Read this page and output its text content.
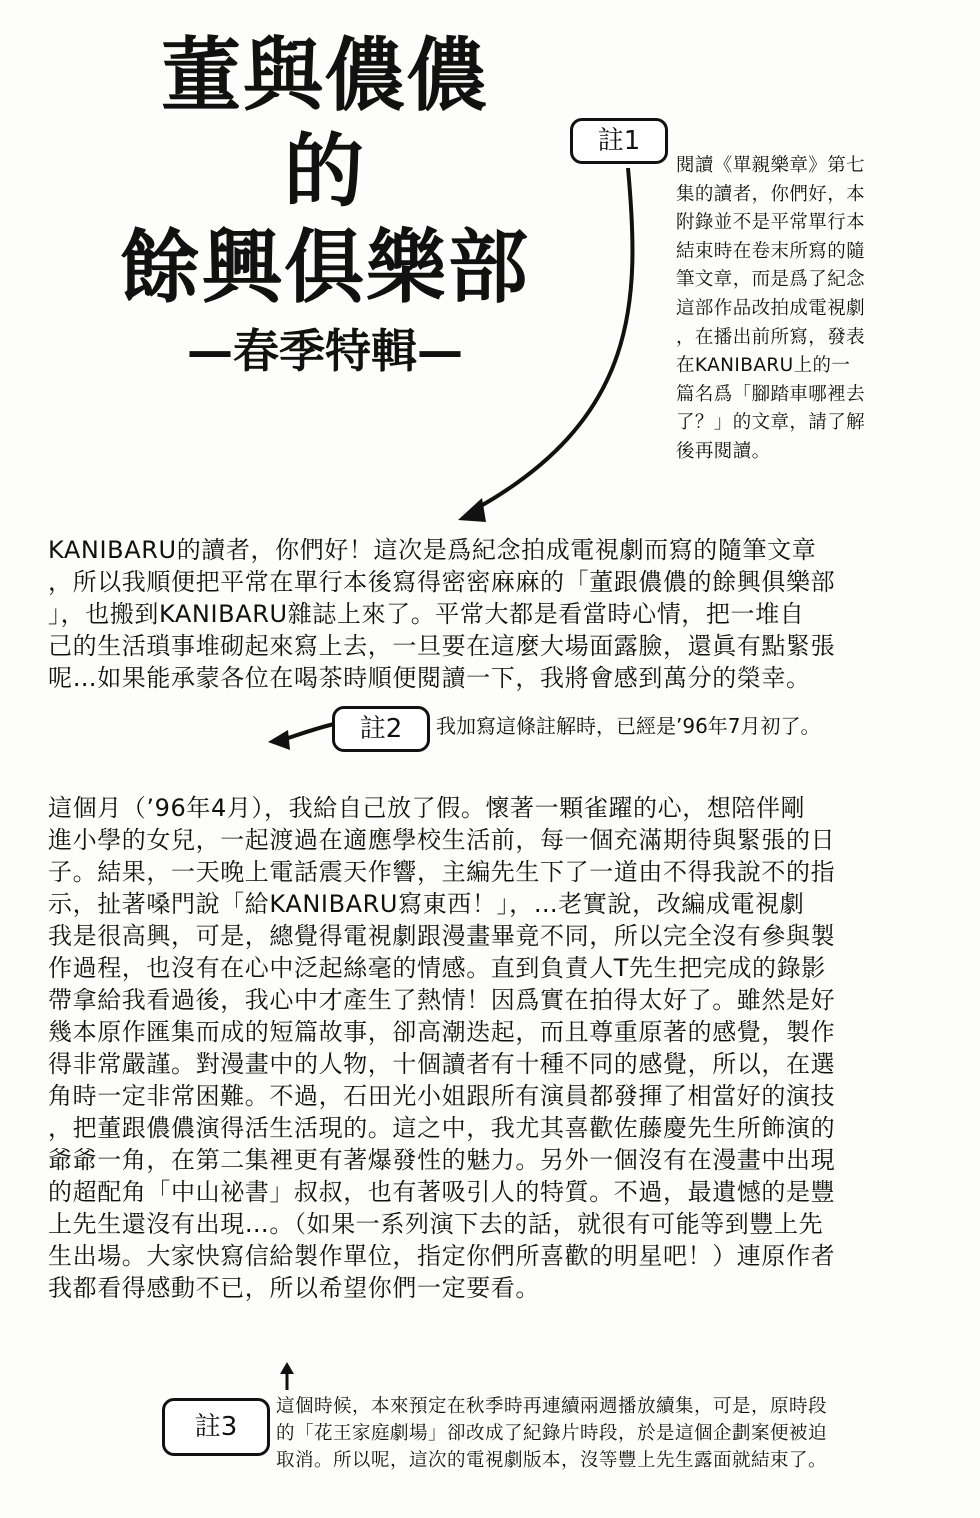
董與儂儂
的
餘興俱樂部
—春季特輯—
註1
閱讀《單親樂章》第七
集的讀者，你們好，本
附錄並不是平常單行本
結束時在卷末所寫的隨
筆文章，而是爲了紀念
這部作品改拍成電視劇
，在播出前所寫，發表
在KANIBARU上的一
篇名爲「腳踏車哪裡去
了？」的文章，請了解
後再閱讀。
KANIBARU的讀者，你們好！這次是爲紀念拍成電視劇而寫的隨筆文章
，所以我順便把平常在單行本後寫得密密麻麻的「董跟儂儂的餘興俱樂部
」，也搬到KANIBARU雜誌上來了。平常大都是看當時心情，把一堆自
己的生活瑣事堆砌起來寫上去，一旦要在這麼大場面露臉，還眞有點緊張
呢…如果能承蒙各位在喝茶時順便閱讀一下，我將會感到萬分的榮幸。
註2	我加寫這條註解時，已經是’96年7月初了。
這個月（’96年4月），我給自己放了假。懷著一顆雀躍的心，想陪伴剛
進小學的女兒，一起渡過在適應學校生活前，每一個充滿期待與緊張的日
子。結果，一天晚上電話震天作響，主編先生下了一道由不得我說不的指
示，扯著嗓門說「給KANIBARU寫東西！」，…老實說，改編成電視劇
我是很高興，可是，總覺得電視劇跟漫畫畢竟不同，所以完全沒有參與製
作過程，也沒有在心中泛起絲毫的情感。直到負責人T先生把完成的錄影
帶拿給我看過後，我心中才產生了熱情！因爲實在拍得太好了。雖然是好
幾本原作匯集而成的短篇故事，卻高潮迭起，而且尊重原著的感覺，製作
得非常嚴謹。對漫畫中的人物，十個讀者有十種不同的感覺，所以，在選
角時一定非常困難。不過，石田光小姐跟所有演員都發揮了相當好的演技
，把董跟儂儂演得活生活現的。這之中，我尤其喜歡佐藤慶先生所飾演的
爺爺一角，在第二集裡更有著爆發性的魅力。另外一個沒有在漫畫中出現
的超配角「中山祕書」叔叔，也有著吸引人的特質。不過，最遺憾的是豐
上先生還沒有出現…。（如果一系列演下去的話，就很有可能等到豐上先
生出場。大家快寫信給製作單位，指定你們所喜歡的明星吧！）連原作者
我都看得感動不已，所以希望你們一定要看。
註3
這個時候，本來預定在秋季時再連續兩週播放續集，可是，原時段
的「花王家庭劇場」卻改成了紀錄片時段，於是這個企劃案便被迫
取消。所以呢，這次的電視劇版本，沒等豐上先生露面就結束了。
